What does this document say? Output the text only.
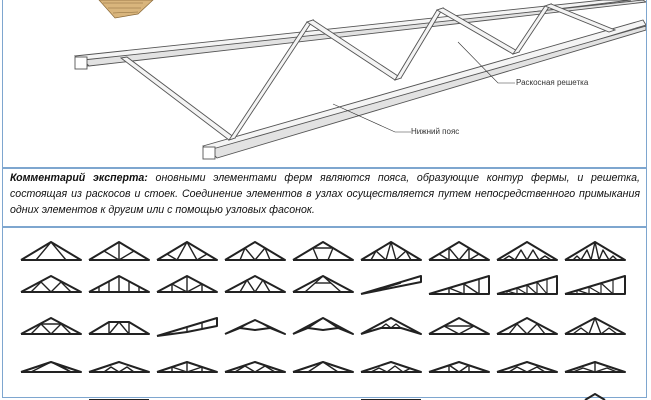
Раскосная решетка
Нижний пояс
Комментарий эксперта: оновными элементами ферм являются пояса, образующие контур фермы, и решетка, состоящая из раскосов и стоек. Соединение элементов в узлах осуществляется путем непосредственного примыкания одних элементов к другим или с помощью узловых фасонок.
